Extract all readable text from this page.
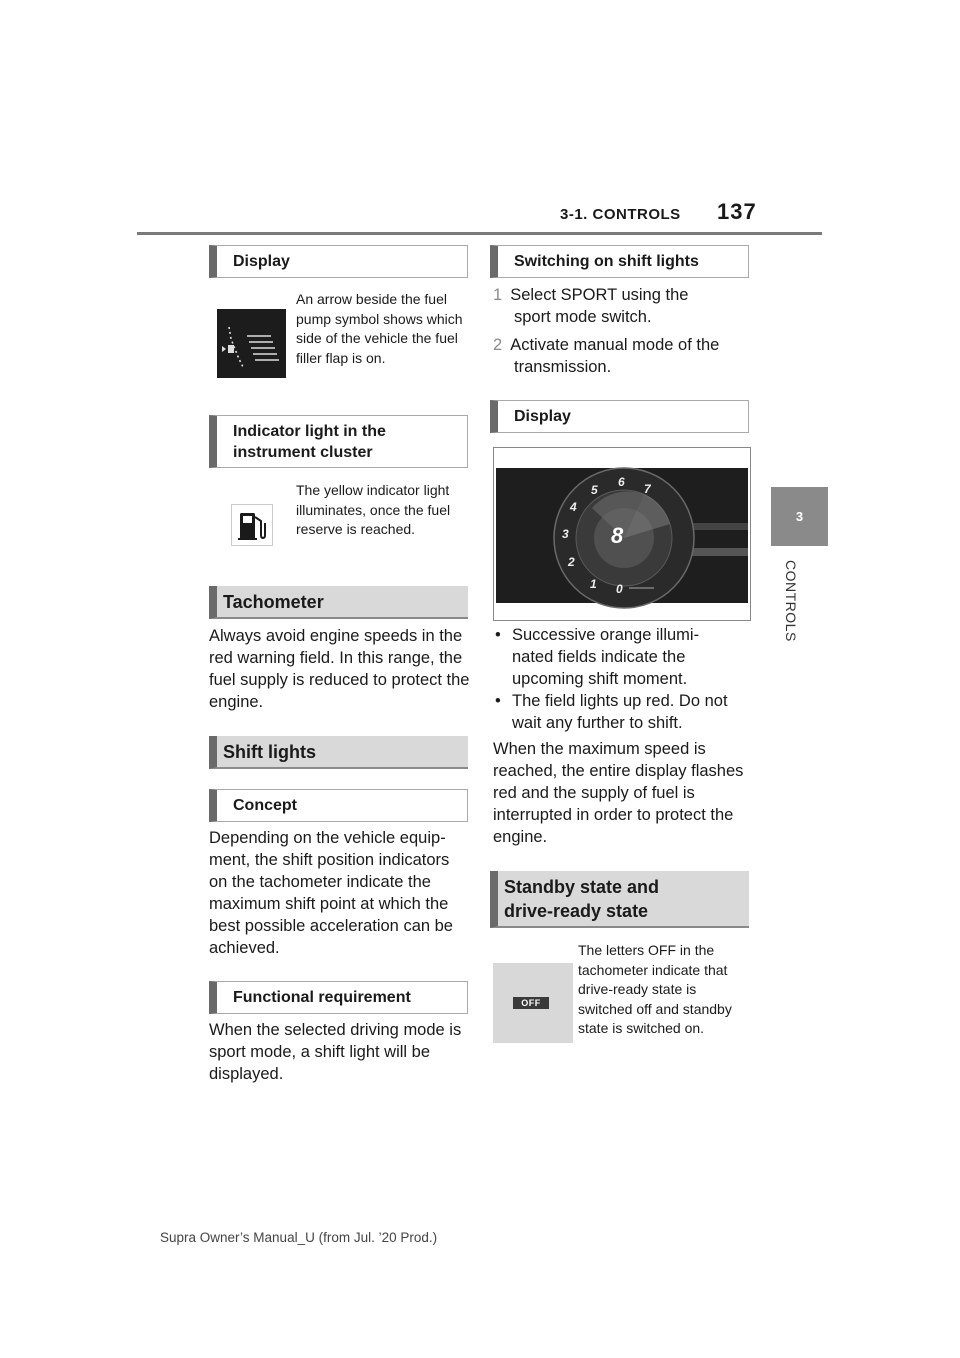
3-1. CONTROLS 137
3
CONTROLS
Display
An arrow beside the fuel pump symbol shows which side of the vehicle the fuel filler flap is on.
Indicator light in the
instrument cluster
The yellow indicator light illuminates, once the fuel reserve is reached.
Tachometer
Always avoid engine speeds in the red warning field. In this range, the fuel supply is reduced to protect the engine.
Shift lights
Concept
Depending on the vehicle equipment, the shift position indicators on the tachometer indicate the maximum shift point at which the best possible acceleration can be achieved.
Functional requirement
When the selected driving mode is sport mode, a shift light will be displayed.
Switching on shift lights
1 Select SPORT using the
sport mode switch.
2 Activate manual mode of the
transmission.
Display
1
2
3
4
5
6 7
0
8
• Successive orange illumi-
nated fields indicate the
upcoming shift moment.
• The field lights up red. Do not
wait any further to shift.
When the maximum speed is reached, the entire display flashes red and the supply of fuel is interrupted in order to protect the engine.
Standby state and
drive-ready state
OFF
The letters OFF in the tachometer indicate that drive-ready state is switched off and standby state is switched on.
Supra Owner’s Manual_U (from Jul. ’20 Prod.)
